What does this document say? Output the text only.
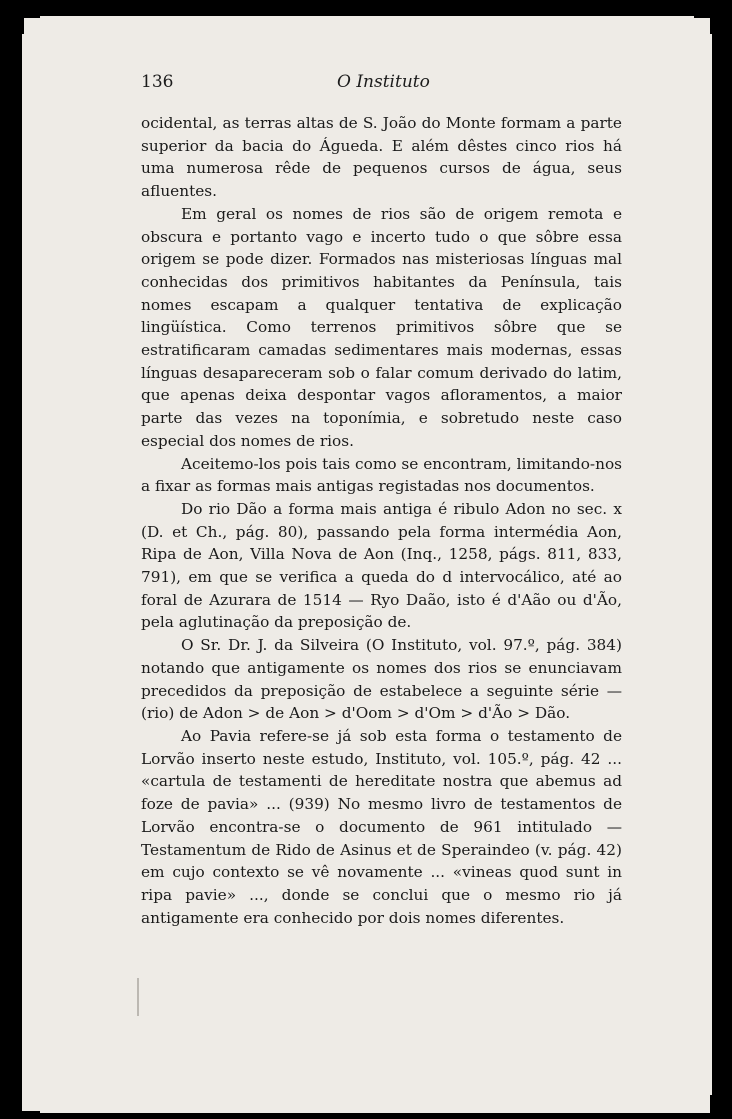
136	O Instituto

ocidental, as terras altas de S. João do Monte formam a parte superior da bacia do Águeda. E além dêstes cinco rios há uma numerosa rêde de pequenos cursos de água, seus afluentes.

Em geral os nomes de rios são de origem remota e obscura e portanto vago e incerto tudo o que sôbre essa origem se pode dizer. Formados nas misteriosas línguas mal conhecidas dos primitivos habitantes da Península, tais nomes escapam a qualquer tentativa de explicação lingüística. Como terrenos primitivos sôbre que se estratificaram camadas sedimentares mais modernas, essas línguas desapareceram sob o falar comum derivado do latim, que apenas deixa despontar vagos afloramentos, a maior parte das vezes na toponímia, e sobretudo neste caso especial dos nomes de rios.

Aceitemo-los pois tais como se encontram, limitando-nos a fixar as formas mais antigas registadas nos documentos.

Do rio Dão a forma mais antiga é ribulo Adon no sec. x (D. et Ch., pág. 80), passando pela forma intermédia Aon, Ripa de Aon, Villa Nova de Aon (Inq., 1258, págs. 811, 833, 791), em que se verifica a queda do d intervocálico, até ao foral de Azurara de 1514 — Ryo Daão, isto é d'Aão ou d'Ão, pela aglutinação da preposição de.

O Sr. Dr. J. da Silveira (O Instituto, vol. 97.º, pág. 384) notando que antigamente os nomes dos rios se enunciavam precedidos da preposição de estabelece a seguinte série — (rio) de Adon > de Aon > d'Oom > d'Om > d'Ão > Dão.

Ao Pavia refere-se já sob esta forma o testamento de Lorvão inserto neste estudo, Instituto, vol. 105.º, pág. 42 ... «cartula de testamenti de hereditate nostra que abemus ad foze de pavia» ... (939) No mesmo livro de testamentos de Lorvão encontra-se o documento de 961 intitulado — Testamentum de Rido de Asinus et de Speraindeo (v. pág. 42) em cujo contexto se vê novamente ... «vineas quod sunt in ripa pavie» ..., donde se conclui que o mesmo rio já antigamente era conhecido por dois nomes diferentes.
